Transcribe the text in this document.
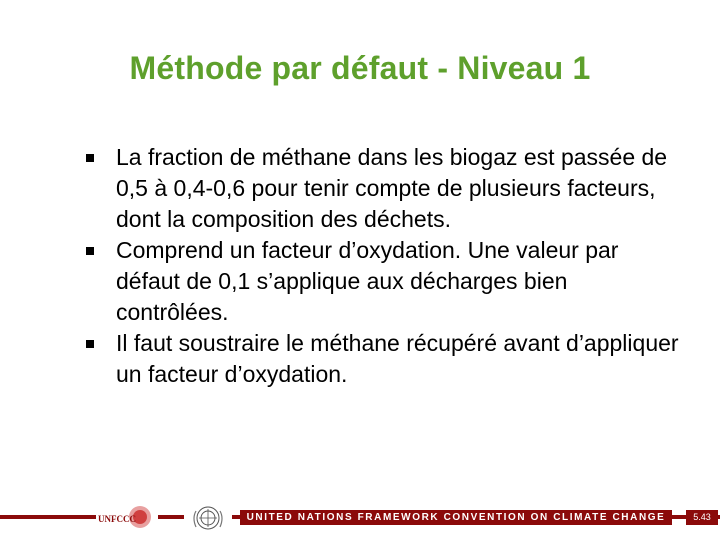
Méthode par défaut - Niveau 1
La fraction de méthane dans les biogaz est passée de 0,5 à 0,4-0,6 pour tenir compte de plusieurs facteurs, dont la composition des déchets.
Comprend un facteur d’oxydation. Une valeur par défaut de 0,1 s’applique aux décharges bien contrôlées.
Il faut soustraire le méthane récupéré avant d’appliquer un facteur d’oxydation.
UNFCCC	UNITED NATIONS FRAMEWORK CONVENTION ON CLIMATE CHANGE	5.43
